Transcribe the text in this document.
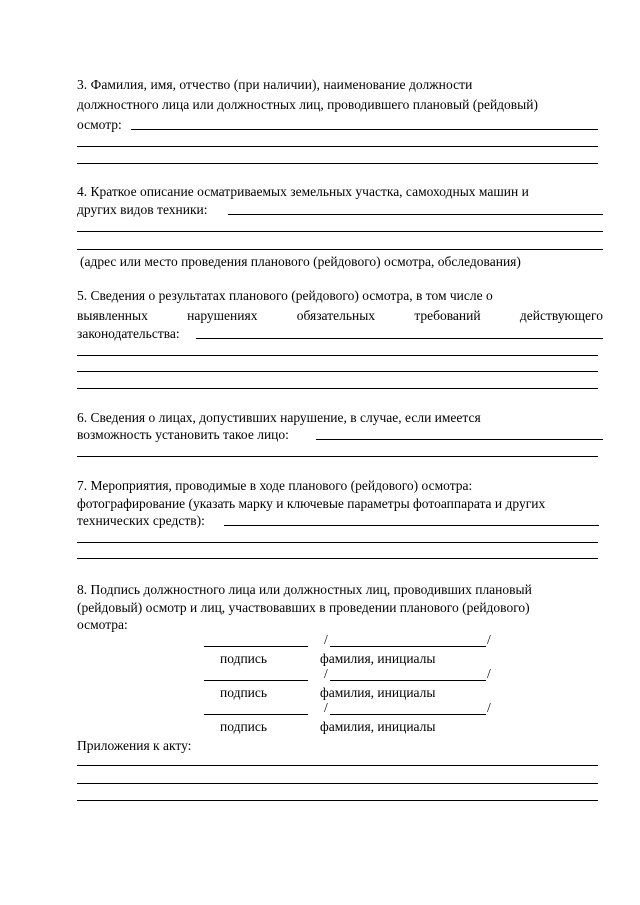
3. Фамилия, имя, отчество (при наличии), наименование должности
должностного лица или должностных лиц, проводившего плановый (рейдовый)
осмотр:
4. Краткое описание осматриваемых земельных участка, самоходных машин и
других видов техники:
(адрес или место проведения планового (рейдового) осмотра, обследования)
5. Сведения о результатах планового (рейдового) осмотра, в том числе о
выявленных	нарушениях	обязательных	требований	действующего
законодательства:
6. Сведения о лицах, допустивших нарушение, в случае, если имеется
возможность установить такое лицо:
7. Мероприятия, проводимые в ходе планового (рейдового) осмотра:
фотографирование (указать марку и ключевые параметры фотоаппарата и других
технических средств):
8. Подпись должностного лица или должностных лиц, проводивших плановый
(рейдовый) осмотр и лиц, участвовавших в проведении планового (рейдового)
осмотра:
/	/
подпись	фамилия, инициалы
/	/
подпись	фамилия, инициалы
/	/
подпись	фамилия, инициалы
Приложения к акту:
